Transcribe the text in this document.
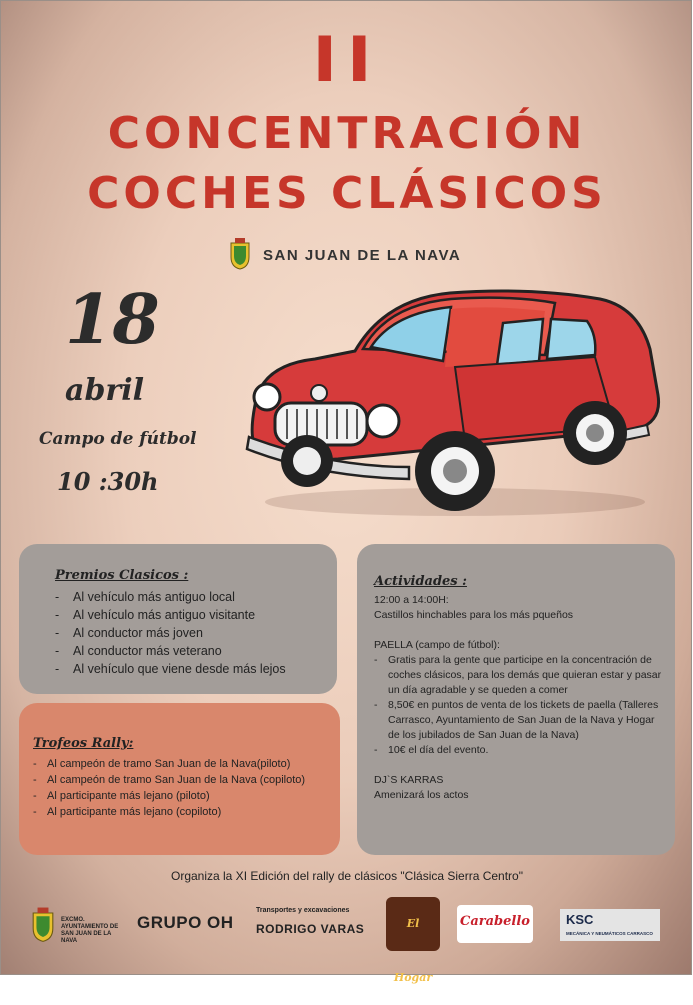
II
CONCENTRACIÓN
COCHES CLÁSICOS
SAN JUAN DE LA NAVA
18
abril
Campo de fútbol
10 :30h
Premios Clasicos :
- Al vehículo más antiguo local
- Al vehículo más antiguo visitante
- Al conductor más joven
- Al conductor más veterano
- Al vehículo que viene desde más lejos
Trofeos Rally:
- Al campeón de tramo San Juan de la Nava(piloto)
- Al campeón de tramo San Juan de la Nava (copiloto)
- Al participante más lejano (piloto)
- Al participante más lejano (copiloto)
Actividades :

12:00 a 14:00H:

Castillos hinchables para los más pqueños

PAELLA (campo de fútbol):

- Gratis para la gente que participe en la concentración de coches clásicos, para los demás que quieran estar y pasar un día agradable y se queden a comer
- 8,50€ en puntos de venta de los tickets de paella (Talleres Carrasco, Ayuntamiento de San Juan de la Nava y Hogar de los jubilados de San Juan de la Nava)
- 10€ el día del evento.

DJ`S KARRAS

Amenizará los actos

Organiza la XI Edición del rally de clásicos "Clásica Sierra Centro"
EXCMO. AYUNTAMIENTO DE SAN JUAN DE LA NAVA
GRUPO OH
Transportes y excavaciones
RODRIGO VARAS	El Hogar
Carabello	KSC
MECÁNICA Y NEUMÁTICOS CARRASCO
